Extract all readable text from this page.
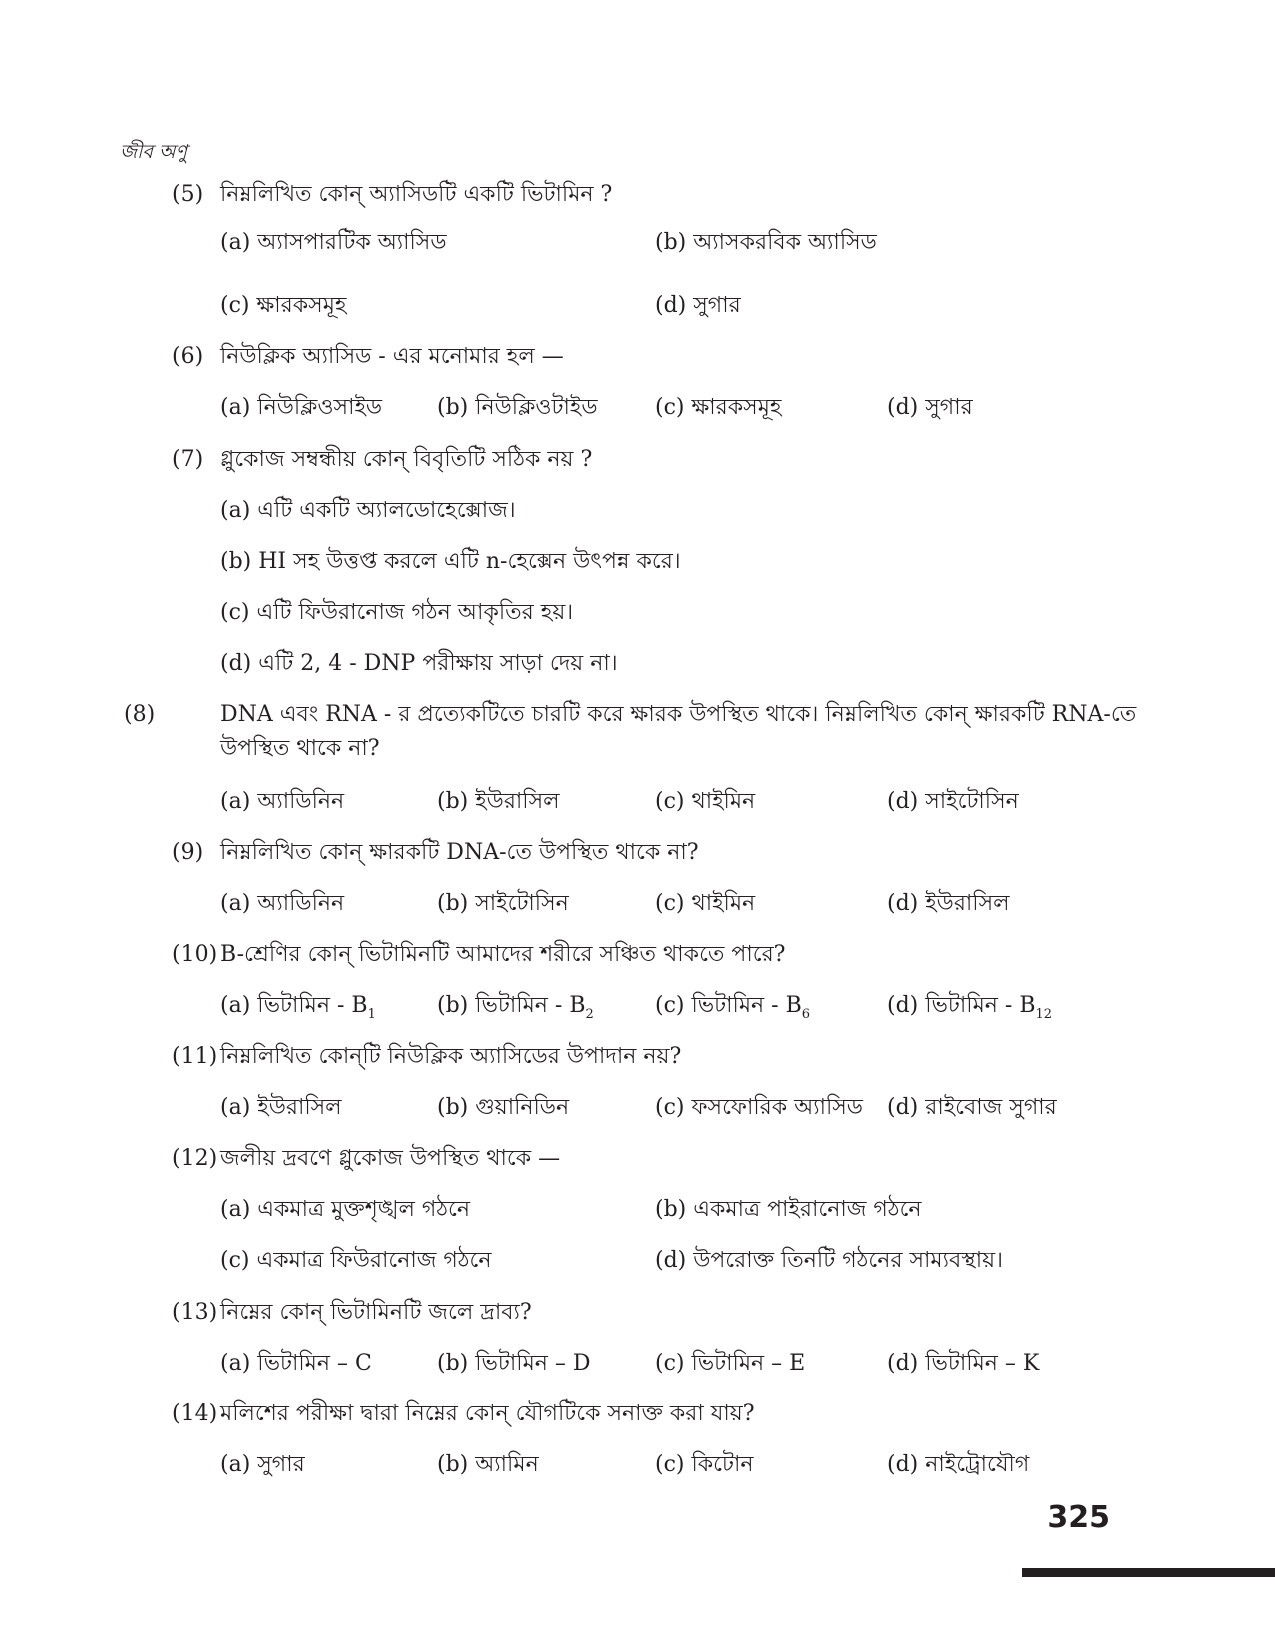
জীব অণু
(5) নিম্নলিখিত কোন্ অ্যাসিডটি একটি ভিটামিন ?
(a) অ্যাসপারটিক অ্যাসিড	(b) অ্যাসকরবিক অ্যাসিড
(c) ক্ষারকসমূহ	(d) সুগার
(6) নিউক্লিক অ্যাসিড - এর মনোমার হল —
(a) নিউক্লিওসাইড (b) নিউক্লিওটাইড	(c) ক্ষারকসমূহ	(d) সুগার
(7) গ্লুকোজ সম্বন্ধীয় কোন্ বিবৃতিটি সঠিক নয় ?
(a) এটি একটি অ্যালডোহেক্সোজ।
(b) HI সহ উত্তপ্ত করলে এটি n-হেক্সেন উৎপন্ন করে।
(c) এটি ফিউরানোজ গঠন আকৃতির হয়।
(d) এটি 2, 4 - DNP পরীক্ষায় সাড়া দেয় না।
(8)	DNA এবং RNA - র প্রত্যেকটিতে চারটি করে ক্ষারক উপস্থিত থাকে। নিম্নলিখিত কোন্ ক্ষারকটি RNA-তে উপস্থিত থাকে না?
(a) অ্যাডিনিন	(b) ইউরাসিল	(c) থাইমিন	(d) সাইটোসিন
(9) নিম্নলিখিত কোন্ ক্ষারকটি DNA-তে উপস্থিত থাকে না?
(a) অ্যাডিনিন	(b) সাইটোসিন	(c) থাইমিন	(d) ইউরাসিল
(10) B-শ্রেণির কোন্ ভিটামিনটি আমাদের শরীরে সঞ্চিত থাকতে পারে?
(a) ভিটামিন - $B_1$	(b) ভিটামিন - $B_2$	(c) ভিটামিন - $B_6$	(d) ভিটামিন - $B_{12}$
(11) নিম্নলিখিত কোন্‌টি নিউক্লিক অ্যাসিডের উপাদান নয়?
(a) ইউরাসিল	(b) গুয়ানিডিন	(c) ফসফোরিক অ্যাসিড (d) রাইবোজ সুগার
(12) জলীয় দ্রবণে গ্লুকোজ উপস্থিত থাকে —
(a) একমাত্র মুক্তশৃঙ্খল গঠনে	(b) একমাত্র পাইরানোজ গঠনে
(c) একমাত্র ফিউরানোজ গঠনে	(d) উপরোক্ত তিনটি গঠনের সাম্যবস্থায়।
(13) নিম্নের কোন্ ভিটামিনটি জলে দ্রাব্য?
(a) ভিটামিন – C	(b) ভিটামিন – D	(c) ভিটামিন – E	(d) ভিটামিন – K
(14) মলিশের পরীক্ষা দ্বারা নিম্নের কোন্ যৌগটিকে সনাক্ত করা যায়?
(a) সুগার	(b) অ্যামিন	(c) কিটোন	(d) নাইট্রোযৌগ
325
